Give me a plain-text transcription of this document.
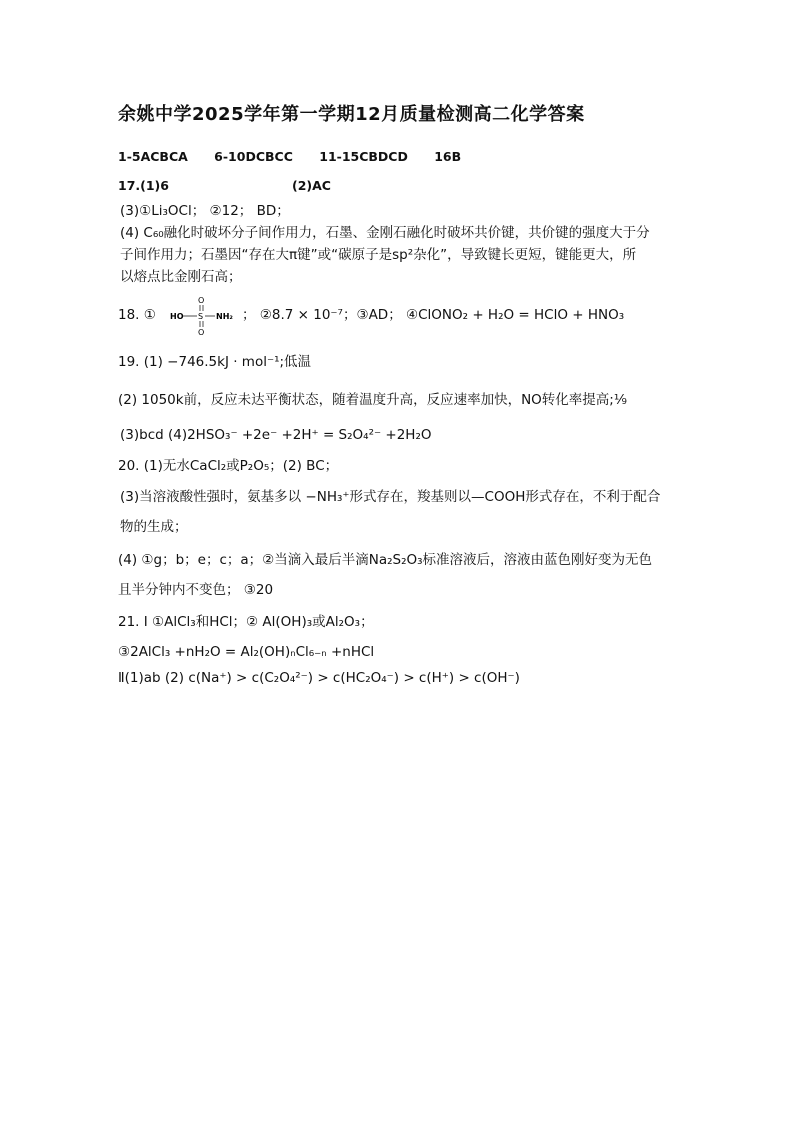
余姚中学2025学年第一学期12月质量检测高二化学答案
1-5ACBCA 6-10DCBCC 11-15CBDCD 16B
17.(1)6	(2)AC
(3)①Li₃OCl； ②12； BD；
(4) C₆₀融化时破坏分子间作用力，石墨、金刚石融化时破坏共价键，共价键的强度大于分
子间作用力；石墨因“存在大π键”或“碳原子是sp²杂化”，导致键长更短，键能更大，所
以熔点比金刚石高；
18. ①
O
HO S NH₂
O
； ②8.7 × 10⁻⁷；③AD； ④ClONO₂ + H₂O = HClO + HNO₃
19. (1) −746.5kJ · mol⁻¹;低温
(2) 1050k前，反应未达平衡状态，随着温度升高，反应速率加快，NO转化率提高;¹⁄₉
(3)bcd (4)2HSO₃⁻ +2e⁻ +2H⁺ = S₂O₄²⁻ +2H₂O
20. (1)无水CaCl₂或P₂O₅；(2) BC；
(3)当溶液酸性强时，氨基多以 −NH₃⁺形式存在，羧基则以—COOH形式存在，不利于配合
物的生成；
(4) ①g；b；e；c；a；②当滴入最后半滴Na₂S₂O₃标准溶液后，溶液由蓝色刚好变为无色
且半分钟内不变色； ③20
21. Ⅰ ①AlCl₃和HCl；② Al(OH)₃或Al₂O₃；
③2AlCl₃ +nH₂O = Al₂(OH)ₙCl₆₋ₙ +nHCl
Ⅱ(1)ab (2) c(Na⁺) > c(C₂O₄²⁻) > c(HC₂O₄⁻) > c(H⁺) > c(OH⁻)
